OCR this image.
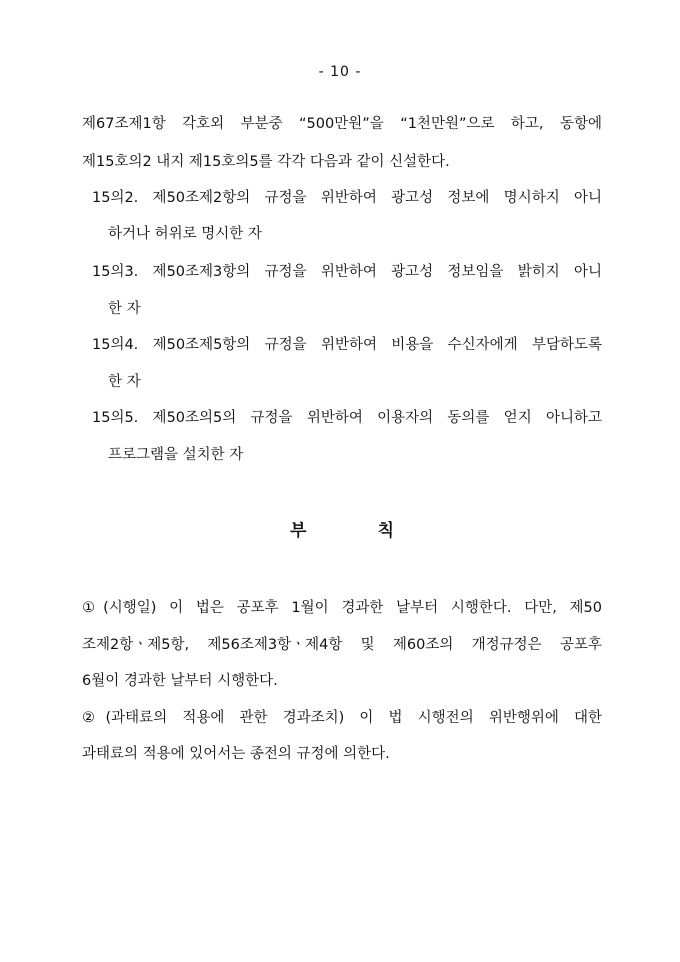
- 10 -
제67조제1항 각호외 부분중 “500만원”을 “1천만원”으로 하고, 동항에
제15호의2 내지 제15호의5를 각각 다음과 같이 신설한다.
15의2. 제50조제2항의 규정을 위반하여 광고성 정보에 명시하지 아니
하거나 허위로 명시한 자
15의3. 제50조제3항의 규정을 위반하여 광고성 정보임을 밝히지 아니
한 자
15의4. 제50조제5항의 규정을 위반하여 비용을 수신자에게 부담하도록
한 자
15의5. 제50조의5의 규정을 위반하여 이용자의 동의를 얻지 아니하고
프로그램을 설치한 자
부	칙
①(시행일) 이 법은 공포후 1월이 경과한 날부터 시행한다. 다만, 제50
조제2항ㆍ제5항, 제56조제3항ㆍ제4항 및 제60조의 개정규정은 공포후
6월이 경과한 날부터 시행한다.
②(과태료의 적용에 관한 경과조치) 이 법 시행전의 위반행위에 대한
과태료의 적용에 있어서는 종전의 규정에 의한다.
